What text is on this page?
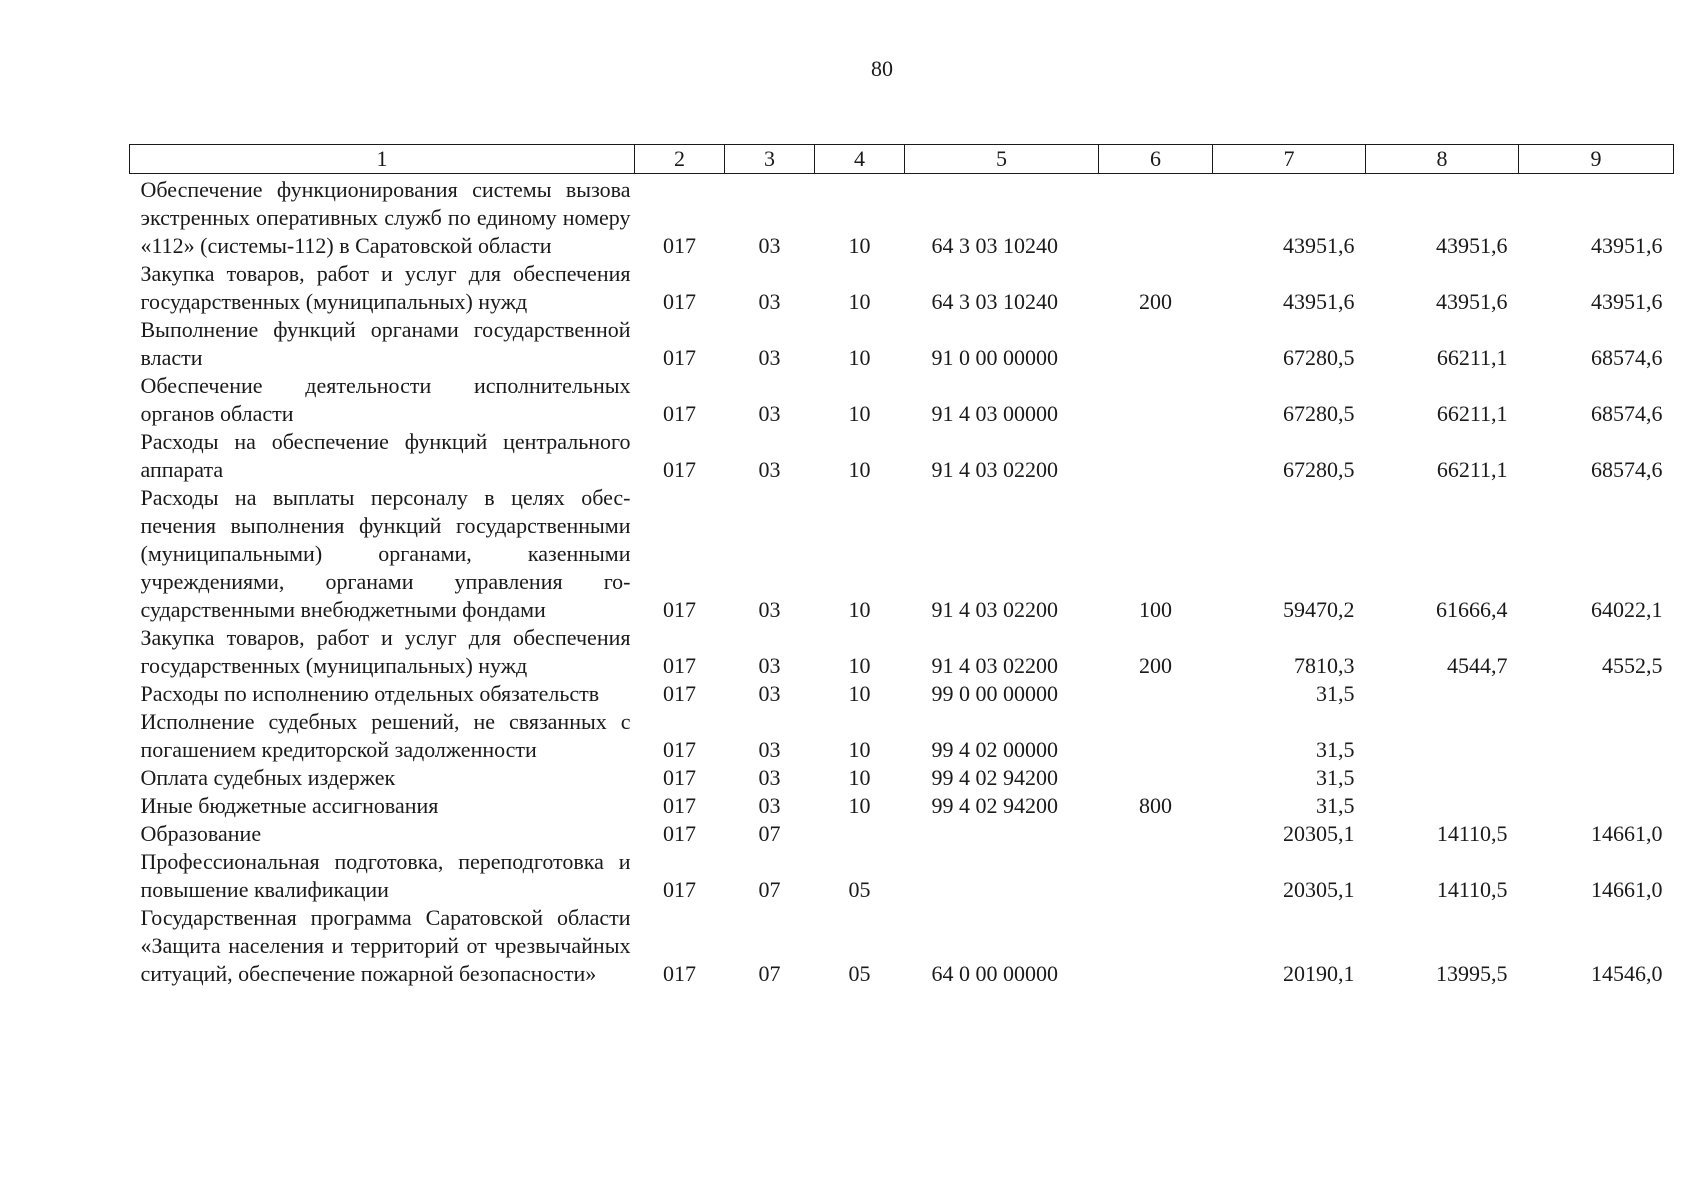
80
1	2	3	4	5	6	7	8	9
Обеспечение функционирования системы вызова экстренных оперативных служб по единому номеру «112» (системы-112) в Саратовской области	017	03	10	64 3 03 10240		43951,6	43951,6	43951,6
Закупка товаров, работ и услуг для обеспечения государственных (муниципальных) нужд	017	03	10	64 3 03 10240	200	43951,6	43951,6	43951,6
Выполнение функций органами государственной власти	017	03	10	91 0 00 00000		67280,5	66211,1	68574,6
Обеспечение деятельности исполнительных органов области	017	03	10	91 4 03 00000		67280,5	66211,1	68574,6
Расходы на обеспечение функций центрального аппарата	017	03	10	91 4 03 02200		67280,5	66211,1	68574,6
Расходы на выплаты персоналу в целях обеспечения выполнения функций государственными (муниципальными) органами, казенными учреждениями, органами управления государственными внебюджетными фондами	017	03	10	91 4 03 02200	100	59470,2	61666,4	64022,1
Закупка товаров, работ и услуг для обеспечения государственных (муниципальных) нужд	017	03	10	91 4 03 02200	200	7810,3	4544,7	4552,5
Расходы по исполнению отдельных обязательств	017	03	10	99 0 00 00000		31,5		
Исполнение судебных решений, не связанных с погашением кредиторской задолженности	017	03	10	99 4 02 00000		31,5		
Оплата судебных издержек	017	03	10	99 4 02 94200		31,5		
Иные бюджетные ассигнования	017	03	10	99 4 02 94200	800	31,5		
Образование	017	07				20305,1	14110,5	14661,0
Профессиональная подготовка, переподготовка и повышение квалификации	017	07	05			20305,1	14110,5	14661,0
Государственная программа Саратовской области «Защита населения и территорий от чрезвычайных ситуаций, обеспечение пожарной безопасности»	017	07	05	64 0 00 00000		20190,1	13995,5	14546,0
